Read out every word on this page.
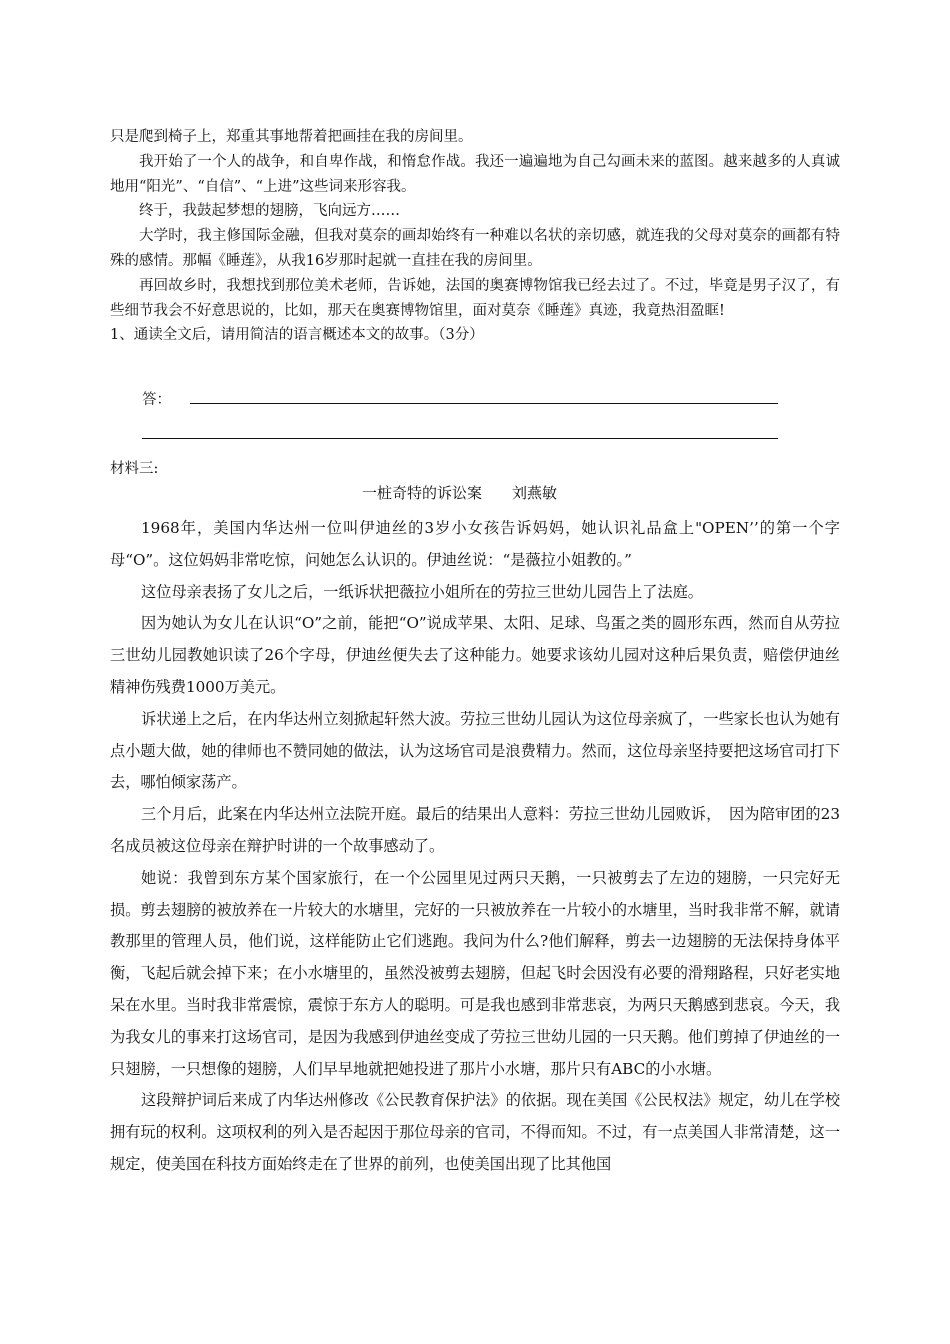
只是爬到椅子上，郑重其事地帮着把画挂在我的房间里。

我开始了一个人的战争，和自卑作战，和惰怠作战。我还一遍遍地为自己勾画未来的蓝图。越来越多的人真诚地用“阳光”、“自信”、“上进”这些词来形容我。

终于，我鼓起梦想的翅膀，飞向远方……

大学时，我主修国际金融，但我对莫奈的画却始终有一种难以名状的亲切感，就连我的父母对莫奈的画都有特殊的感情。那幅《睡莲》，从我16岁那时起就一直挂在我的房间里。

再回故乡时，我想找到那位美术老师，告诉她，法国的奥赛博物馆我已经去过了。不过，毕竟是男子汉了，有些细节我会不好意思说的，比如，那天在奥赛博物馆里，面对莫奈《睡莲》真迹，我竟热泪盈眶!

1、通读全文后，请用简洁的语言概述本文的故事。（3分）

答：

材料三:

一桩奇特的诉讼案　　刘燕敏

1968年，美国内华达州一位叫伊迪丝的3岁小女孩告诉妈妈，她认识礼品盒上"OPEN’’的第一个字母“O”。这位妈妈非常吃惊，问她怎么认识的。伊迪丝说：“是薇拉小姐教的。”

这位母亲表扬了女儿之后，一纸诉状把薇拉小姐所在的劳拉三世幼儿园告上了法庭。

因为她认为女儿在认识“O”之前，能把“O”说成苹果、太阳、足球、鸟蛋之类的圆形东西，然而自从劳拉三世幼儿园教她识读了26个字母，伊迪丝便失去了这种能力。她要求该幼儿园对这种后果负责，赔偿伊迪丝精神伤残费1000万美元。

诉状递上之后，在内华达州立刻掀起轩然大波。劳拉三世幼儿园认为这位母亲疯了，一些家长也认为她有点小题大做，她的律师也不赞同她的做法，认为这场官司是浪费精力。然而，这位母亲坚持要把这场官司打下去，哪怕倾家荡产。

三个月后，此案在内华达州立法院开庭。最后的结果出人意料：劳拉三世幼儿园败诉，　因为陪审团的23名成员被这位母亲在辩护时讲的一个故事感动了。

她说：我曾到东方某个国家旅行，在一个公园里见过两只天鹅，一只被剪去了左边的翅膀，一只完好无损。剪去翅膀的被放养在一片较大的水塘里，完好的一只被放养在一片较小的水塘里，当时我非常不解，就请教那里的管理人员，他们说，这样能防止它们逃跑。我问为什么?他们解释，剪去一边翅膀的无法保持身体平衡，飞起后就会掉下来；在小水塘里的，虽然没被剪去翅膀，但起飞时会因没有必要的滑翔路程，只好老实地呆在水里。当时我非常震惊，震惊于东方人的聪明。可是我也感到非常悲哀，为两只天鹅感到悲哀。今天，我为我女儿的事来打这场官司，是因为我感到伊迪丝变成了劳拉三世幼儿园的一只天鹅。他们剪掉了伊迪丝的一只翅膀，一只想像的翅膀，人们早早地就把她投进了那片小水塘，那片只有ABC的小水塘。

这段辩护词后来成了内华达州修改《公民教育保护法》的依据。现在美国《公民权法》规定，幼儿在学校拥有玩的权利。这项权利的列入是否起因于那位母亲的官司，不得而知。不过，有一点美国人非常清楚，这一规定，使美国在科技方面始终走在了世界的前列，也使美国出现了比其他国
